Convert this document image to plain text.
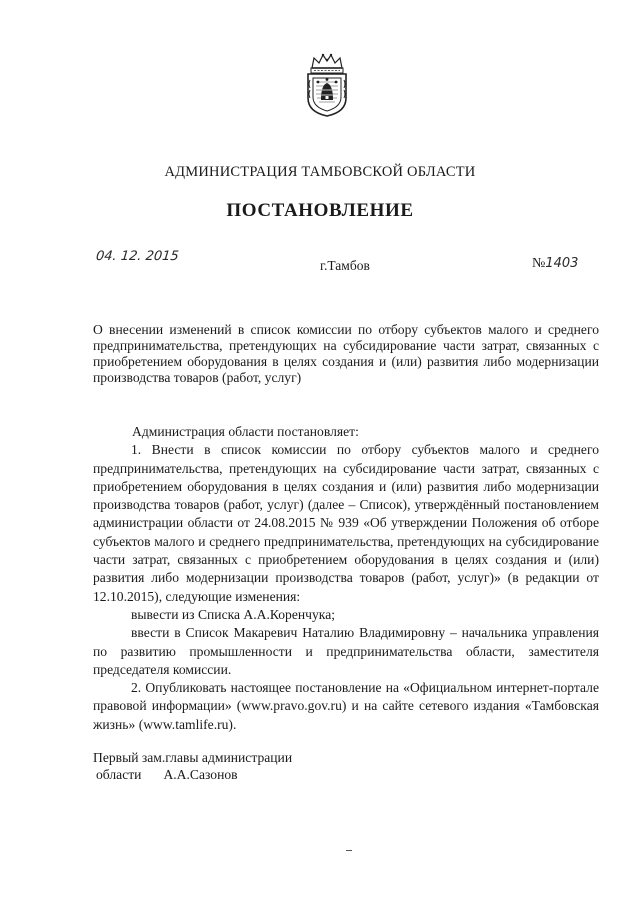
АДМИНИСТРАЦИЯ ТАМБОВСКОЙ ОБЛАСТИ
ПОСТАНОВЛЕНИЕ
04. 12. 2015
г.Тамбов	№1403
О внесении изменений в список комиссии по отбору субъектов малого и среднего предпринимательства, претендующих на субсидирование части затрат, связанных с приобретением оборудования в целях создания и (или) развития либо модернизации производства товаров (работ, услуг)

Администрация области постановляет:

1. Внести в список комиссии по отбору субъектов малого и среднего предпринимательства, претендующих на субсидирование части затрат, связанных с приобретением оборудования в целях создания и (или) развития либо модернизации производства товаров (работ, услуг) (далее – Список), утверждённый постановлением администрации области от 24.08.2015 № 939 «Об утверждении Положения об отборе субъектов малого и среднего предпринимательства, претендующих на субсидирование части затрат, связанных с приобретением оборудования в целях создания и (или) развития либо модернизации производства товаров (работ, услуг)» (в редакции от 12.10.2015), следующие изменения:

вывести из Списка А.А.Коренчука;

ввести в Список Макаревич Наталию Владимировну – начальника управления по развитию промышленности и предпринимательства области, заместителя председателя комиссии.

2. Опубликовать настоящее постановление на «Официальном интернет-портале правовой информации» (www.pravo.gov.ru) и на сайте сетевого издания «Тамбовская жизнь» (www.tamlife.ru).

Первый зам.главы администрации
области А.А.Сазонов
